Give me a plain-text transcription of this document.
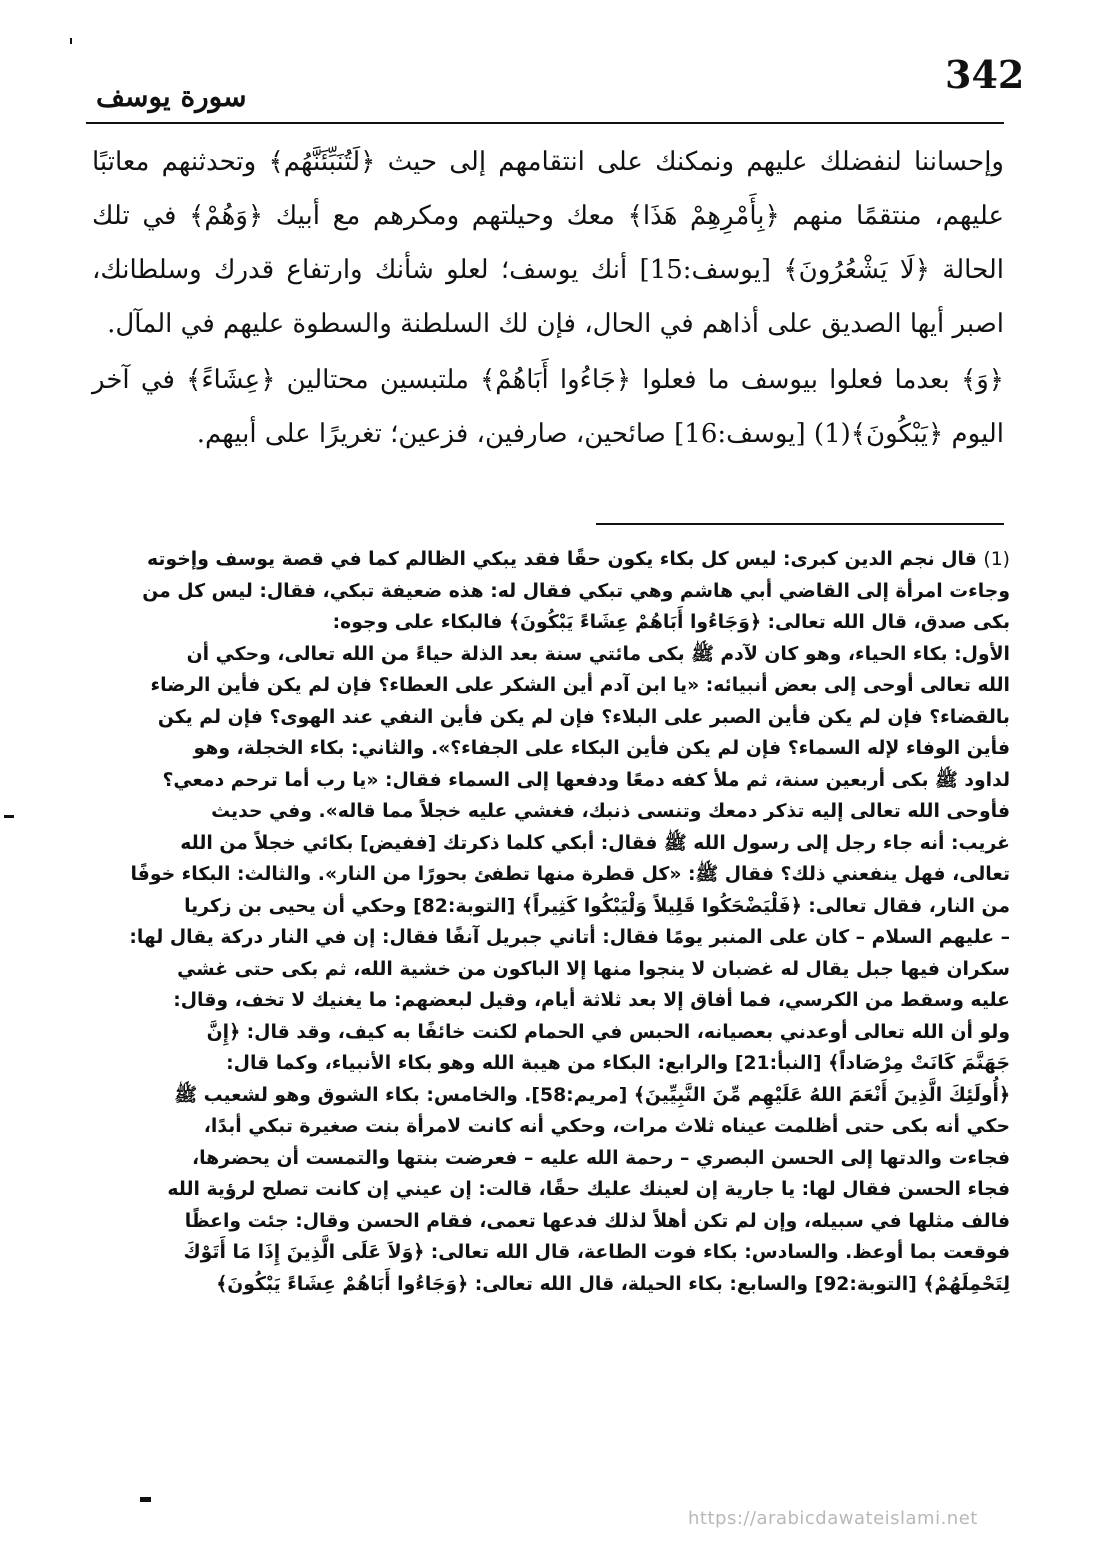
342
سورة يوسف

وإحساننا لنفضلك عليهم ونمكنك على انتقامهم إلى حيث ﴿لَتُنَبِّئَنَّهُم﴾ وتحدثنهم معاتبًا عليهم، منتقمًا منهم ﴿بِأَمْرِهِمْ هَذَا﴾ معك وحيلتهم ومكرهم مع أبيك ﴿وَهُمْ﴾ في تلك الحالة ﴿لَا يَشْعُرُونَ﴾ [يوسف:15] أنك يوسف؛ لعلو شأنك وارتفاع قدرك وسلطانك، اصبر أيها الصديق على أذاهم في الحال، فإن لك السلطنة والسطوة عليهم في المآل.

﴿وَ﴾ بعدما فعلوا بيوسف ما فعلوا ﴿جَاءُوا أَبَاهُمْ﴾ ملتبسين محتالين ﴿عِشَاءً﴾ في آخر اليوم ﴿يَبْكُونَ﴾(1) [يوسف:16] صائحين، صارفين، فزعين؛ تغريرًا على أبيهم.

(1) قال نجم الدين كبرى: ليس كل بكاء يكون حقًا فقد يبكي الظالم كما في قصة يوسف وإخوته
وجاءت امرأة إلى القاضي أبي هاشم وهي تبكي فقال له: هذه ضعيفة تبكي، فقال: ليس كل من
بكى صدق، قال الله تعالى: ﴿وَجَاءُوا أَبَاهُمْ عِشَاءً يَبْكُونَ﴾ فالبكاء على وجوه:
الأول: بكاء الحياء، وهو كان لآدم ﷺ بكى مائتي سنة بعد الذلة حياءً من الله تعالى، وحكي أن
الله تعالى أوحى إلى بعض أنبيائه: «يا ابن آدم أين الشكر على العطاء؟ فإن لم يكن فأين الرضاء
بالقضاء؟ فإن لم يكن فأين الصبر على البلاء؟ فإن لم يكن فأين النفي عند الهوى؟ فإن لم يكن
فأين الوفاء لإله السماء؟ فإن لم يكن فأين البكاء على الجفاء؟». والثاني: بكاء الخجلة، وهو
لداود ﷺ بكى أربعين سنة، ثم ملأ كفه دمعًا ودفعها إلى السماء فقال: «يا رب أما ترحم دمعي؟
فأوحى الله تعالى إليه تذكر دمعك وتنسى ذنبك، فغشي عليه خجلاً مما قاله». وفي حديث
غريب: أنه جاء رجل إلى رسول الله ﷺ فقال: أبكي كلما ذكرتك [ففيض] بكائي خجلاً من الله
تعالى، فهل ينفعني ذلك؟ فقال ﷺ: «كل قطرة منها تطفئ بحورًا من النار». والثالث: البكاء خوفًا
من النار، فقال تعالى: ﴿فَلْيَضْحَكُوا قَلِيلاً وَلْيَبْكُوا كَثِيراً﴾ [التوبة:82] وحكي أن يحيى بن زكريا
– عليهم السلام – كان على المنبر يومًا فقال: أتاني جبريل آنفًا فقال: إن في النار دركة يقال لها:
سكران فيها جبل يقال له غضبان لا ينجوا منها إلا الباكون من خشية الله، ثم بكى حتى غشي
عليه وسقط من الكرسي، فما أفاق إلا بعد ثلاثة أيام، وقيل لبعضهم: ما يغنيك لا تخف، وقال:
ولو أن الله تعالى أوعدني بعصيانه، الحبس في الحمام لكنت خائفًا به كيف، وقد قال: ﴿إِنَّ
جَهَنَّمَ كَانَتْ مِرْصَاداً﴾ [النبأ:21] والرابع: البكاء من هيبة الله وهو بكاء الأنبياء، وكما قال:
﴿أُولَئِكَ الَّذِينَ أَنْعَمَ اللهُ عَلَيْهِم مِّنَ النَّبِيِّينَ﴾ [مريم:58]. والخامس: بكاء الشوق وهو لشعيب ﷺ
حكي أنه بكى حتى أظلمت عيناه ثلاث مرات، وحكي أنه كانت لامرأة بنت صغيرة تبكي أبدًا،
فجاءت والدتها إلى الحسن البصري – رحمة الله عليه – فعرضت بنتها والتمست أن يحضرها،
فجاء الحسن فقال لها: يا جارية إن لعينك عليك حقًا، قالت: إن عيني إن كانت تصلح لرؤية الله
فالف مثلها في سبيله، وإن لم تكن أهلاً لذلك فدعها تعمى، فقام الحسن وقال: جئت واعظًا
فوقعت بما أوعظ. والسادس: بكاء فوت الطاعة، قال الله تعالى: ﴿وَلاَ عَلَى الَّذِينَ إِذَا مَا أَتَوْكَ
لِتَحْمِلَهُمْ﴾ [التوبة:92] والسابع: بكاء الحيلة، قال الله تعالى: ﴿وَجَاءُوا أَبَاهُمْ عِشَاءً يَبْكُونَ﴾
https://arabicdawateislami.net
